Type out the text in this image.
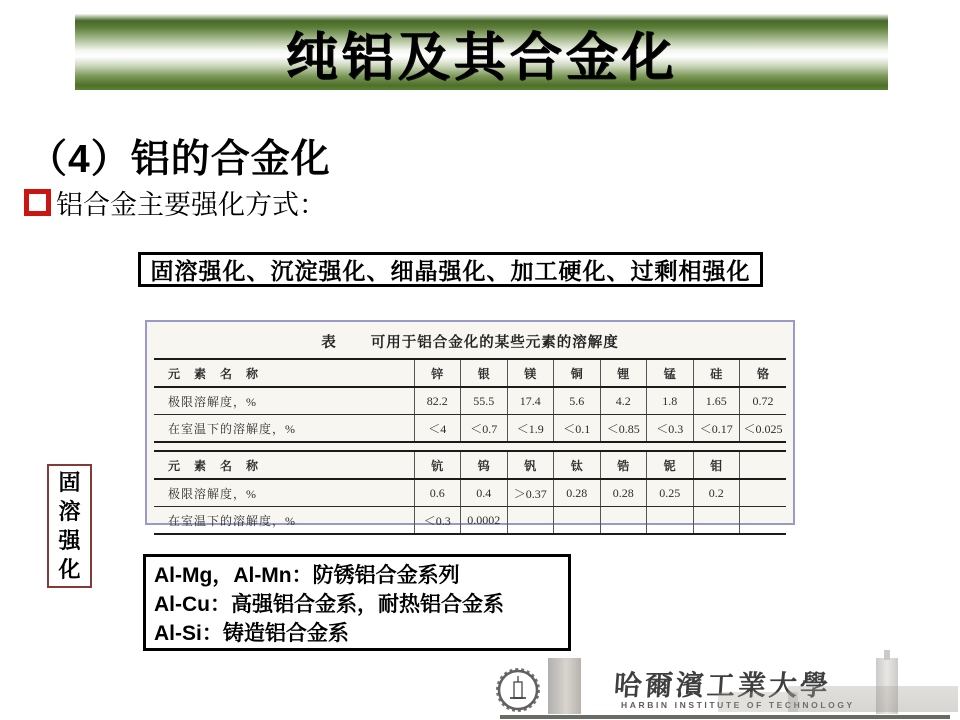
纯铝及其合金化
（4）铝的合金化
铝合金主要强化方式：
固溶强化、沉淀强化、细晶强化、加工硬化、过剩相强化
表 可用于铝合金化的某些元素的溶解度
元　素　名　称	锌	银	镁	铜	锂	锰	硅	铬
极限溶解度，%	82.2	55.5	17.4	5.6	4.2	1.8	1.65	0.72
在室温下的溶解度，%	＜4	＜0.7	＜1.9	＜0.1	＜0.85	＜0.3	＜0.17	＜0.025
元　素　名　称	钪	钨	钒	钛	锆	铌	钼	
极限溶解度，%	0.6	0.4	＞0.37	0.28	0.28	0.25	0.2	
在室温下的溶解度，%	＜0.3	0.0002						
固
溶
强
化	Al-Mg，Al-Mn：防锈铝合金系列
Al-Cu：高强铝合金系，耐热铝合金系
Al-Si：铸造铝合金系
哈爾濱工業大學
HARBIN INSTITUTE OF TECHNOLOGY
